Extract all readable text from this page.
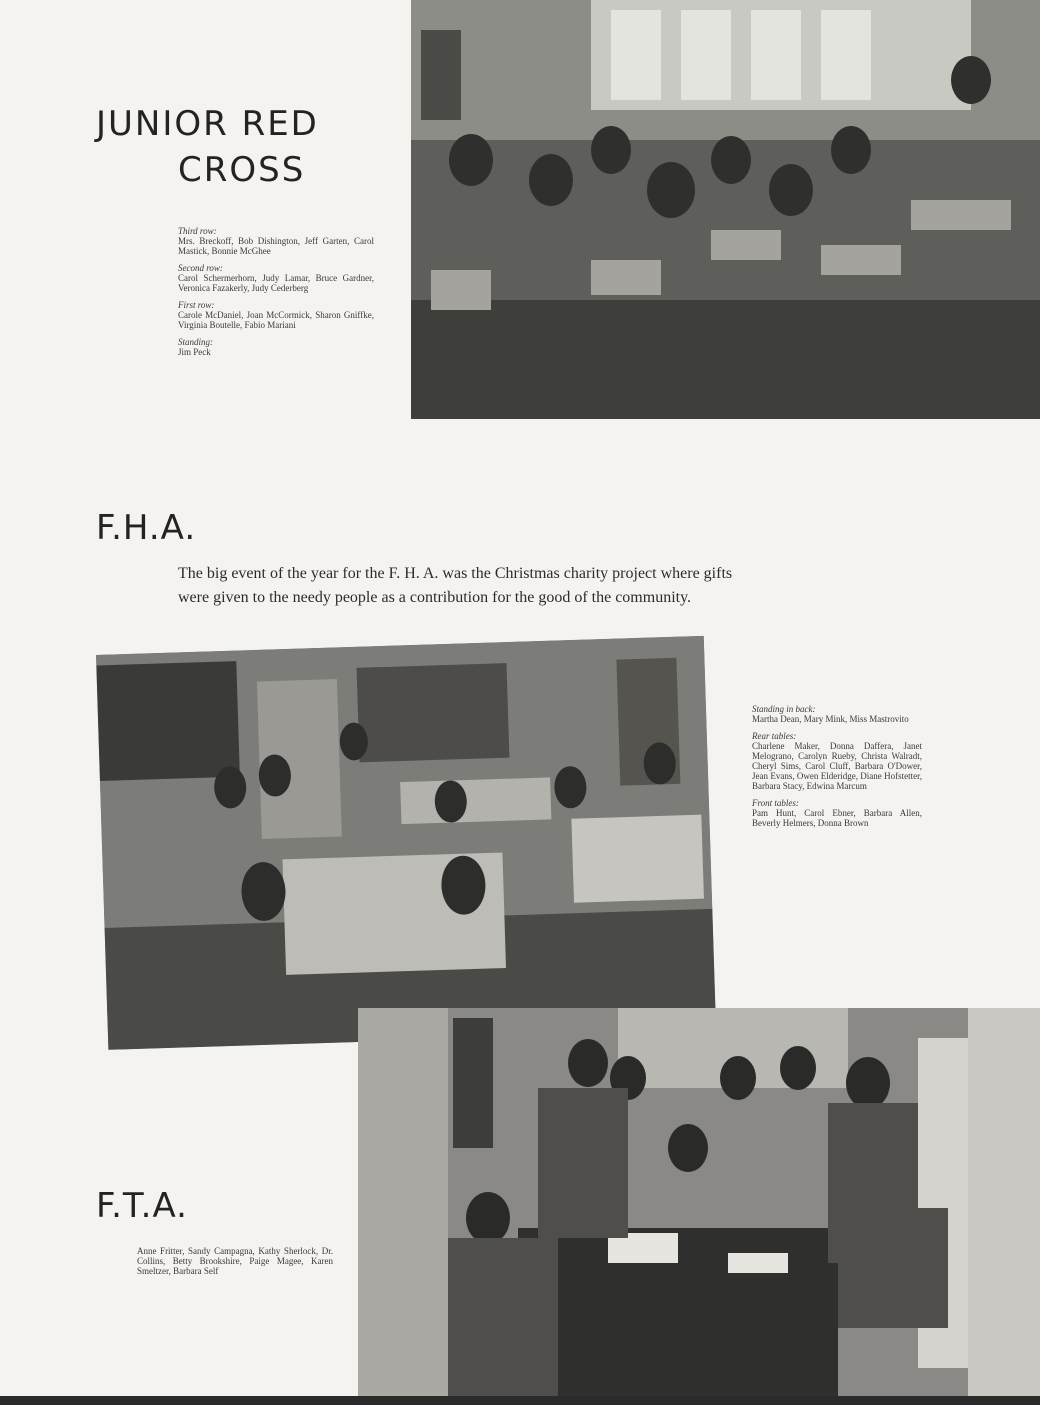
JUNIOR RED
CROSS
Third row:
Mrs. Breckoff, Bob Dishington, Jeff Garten, Carol Mastick, Bonnie McGhee
Second row:
Carol Schermerhorn, Judy Lamar, Bruce Gardner, Veronica Fazakerly, Judy Cederberg
First row:
Carole McDaniel, Joan McCormick, Sharon Gniffke, Virginia Boutelle, Fabio Mariani
Standing:
Jim Peck
F.H.A.

The big event of the year for the F. H. A. was the Christmas charity project where gifts were given to the needy people as a contribution for the good of the community.

Standing in back:
Martha Dean, Mary Mink, Miss Mastrovito
Rear tables:
Charlene Maker, Donna Daffera, Janet Melograno, Carolyn Rueby, Christa Walradt, Cheryl Sims, Carol Cluff, Barbara O'Dower, Jean Evans, Owen Elderidge, Diane Hofstetter, Barbara Stacy, Edwina Marcum
Front tables:
Pam Hunt, Carol Ebner, Barbara Allen, Beverly Helmers, Donna Brown
F.T.A.
Anne Fritter, Sandy Campagna, Kathy Sherlock, Dr. Collins, Betty Brookshire, Paige Magee, Karen Smeltzer, Barbara Self
